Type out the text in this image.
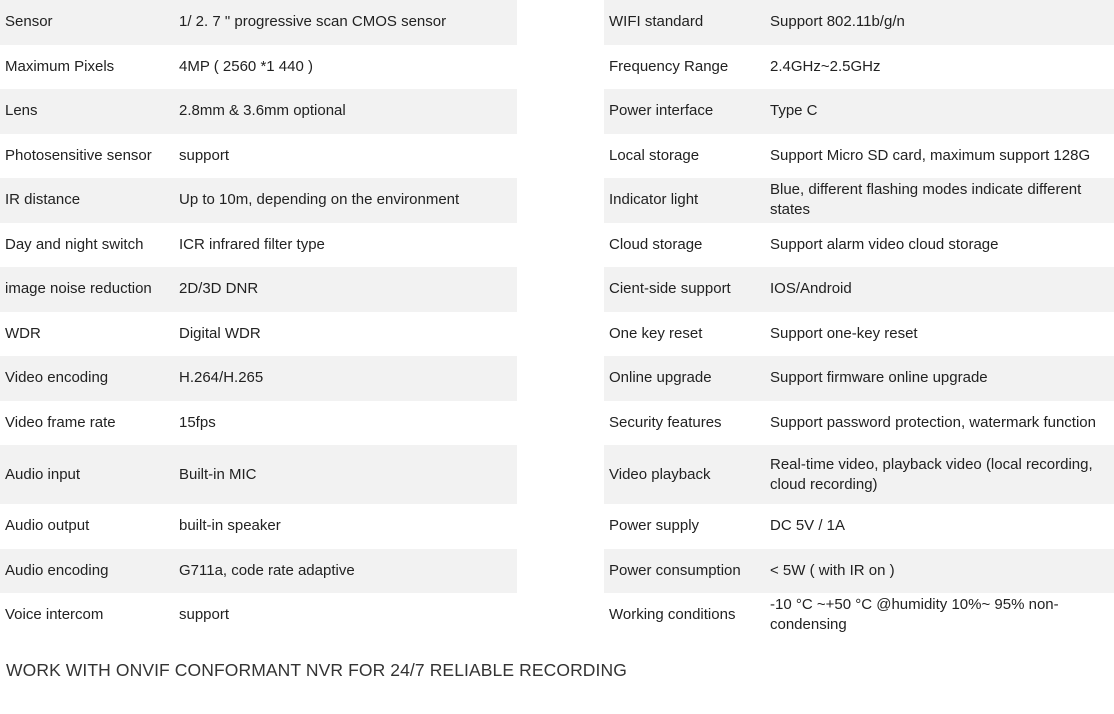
Sensor	1/ 2. 7 " progressive scan CMOS sensor
Maximum Pixels	4MP ( 2560 *1 440 )
Lens	2.8mm & 3.6mm optional
Photosensitive sensor	support
IR distance	Up to 10m, depending on the environment
Day and night switch	ICR infrared filter type
image noise reduction	2D/3D DNR
WDR	Digital WDR
Video encoding	H.264/H.265
Video frame rate	15fps
Audio input	Built-in MIC
Audio output	built-in speaker
Audio encoding	G711a, code rate adaptive
Voice intercom	support
WIFI standard	Support 802.11b/g/n
Frequency Range	2.4GHz~2.5GHz
Power interface	Type C
Local storage	Support Micro SD card, maximum support 128G
Indicator light	Blue, different flashing modes indicate different states
Cloud storage	Support alarm video cloud storage
Cient-side support	IOS/Android
One key reset	Support one-key reset
Online upgrade	Support firmware online upgrade
Security features	Support password protection, watermark function
Video playback	Real-time video, playback video (local recording, cloud recording)
Power supply	DC 5V / 1A
Power consumption	< 5W ( with IR on )
Working conditions	-10 °C ~+50 °C @humidity 10%~ 95% non-condensing
WORK WITH ONVIF CONFORMANT NVR FOR 24/7 RELIABLE RECORDING
